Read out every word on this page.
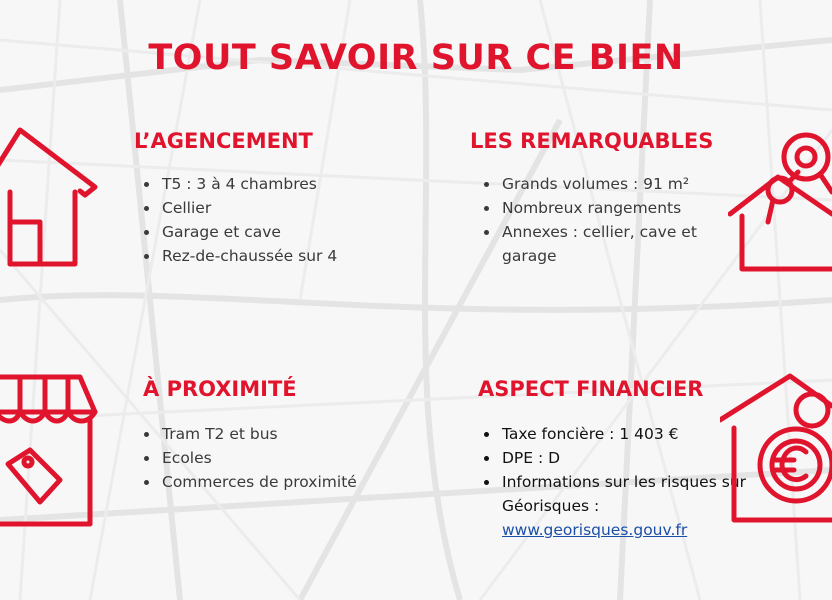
TOUT SAVOIR SUR CE BIEN
L’AGENCEMENT
• T5 : 3 à 4 chambres
• Cellier
• Garage et cave
• Rez-de-chaussée sur 4
LES REMARQUABLES
• Grands volumes : 91 m²
• Nombreux rangements
• Annexes : cellier, cave et garage
À PROXIMITÉ
• Tram T2 et bus
• Ecoles
• Commerces de proximité
ASPECT FINANCIER
• Taxe foncière : 1 403 €
• DPE : D
• Informations sur les risques sur Géorisques : www.georisques.gouv.fr
